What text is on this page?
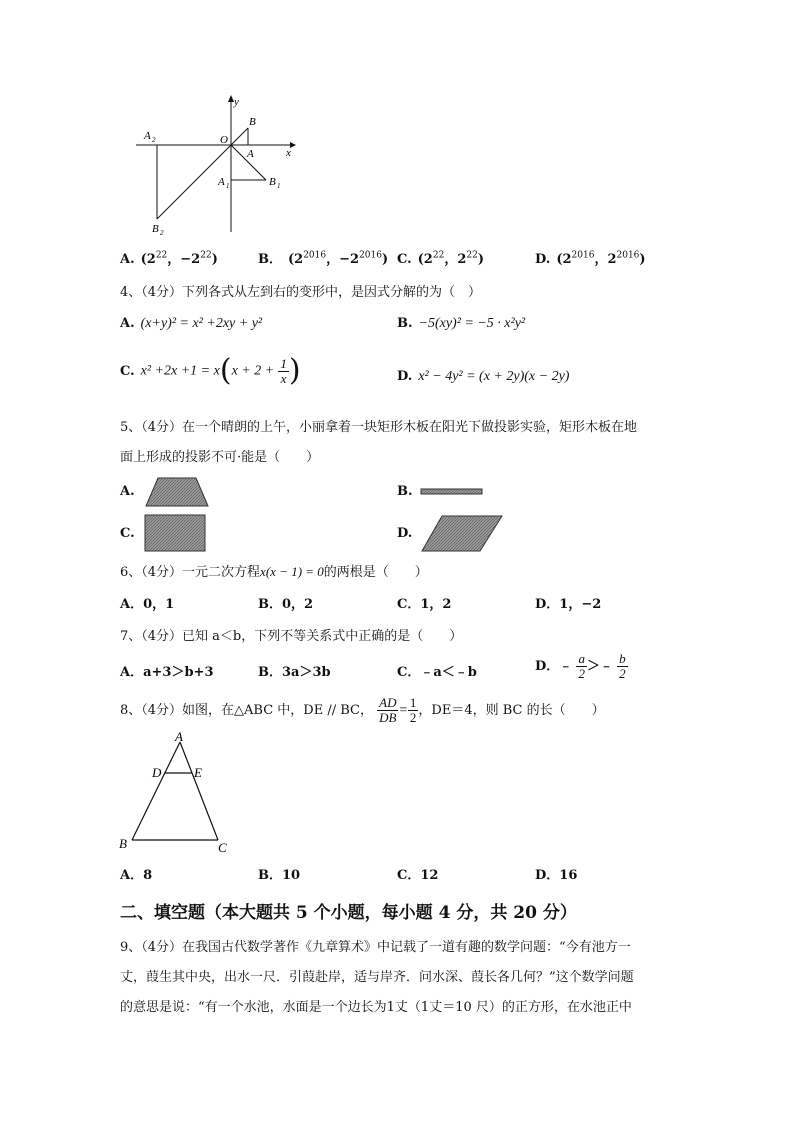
y
x
O
B
A
A 1	B 1
A 2
B 2
A. ($2^{22}$，$-2^{22}$)	B． ($2^{2016}$，$-2^{2016}$) C. ($2^{22}$，$2^{22}$)	D. ($2^{2016}$，$2^{2016}$)
4、（4分）下列各式从左到右的变形中，是因式分解的为（　）
A. (x+y)² = x² +2xy + y²	B. −5(xy)² = −5 · x²y²
C. $x^2 +2x +1 = x(x + 2 + \frac{1}{x}$ )	D. x² − 4y² = (x + 2y)(x − 2y)
5、（4分）在一个晴朗的上午，小丽拿着一块矩形木板在阳光下做投影实验，矩形木板在地
面上形成的投影不可·能是（　　）
A.	B.
C.	D.
6、（4分）一元二次方程x(x − 1) = 0的两根是（　　）
A．0，1	B．0，2	C．1，2	D．1，−2
7、（4分）已知 a＜b，下列不等关系式中正确的是（　　）
A．a+3＞b+3	B．3a＞3b	C．﹣a＜﹣b	D．﹣ $\frac{a}{2}$ ＞﹣ $\frac{b}{2}$
8、（4分）如图，在△ABC 中，DE // BC， $\frac{AD}{DB} = \frac{1}{2}$ ，DE＝4，则 BC 的长（　　）
A
D	E
B	C
A．8	B．10	C．12	D．16
二、填空题（本大题共 5 个小题，每小题 4 分，共 20 分）
9、（4分）在我国古代数学著作《九章算术》中记载了一道有趣的数学问题：“今有池方一
丈，葭生其中央，出水一尺．引葭赴岸，适与岸齐．问水深、葭长各几何？”这个数学问题
的意思是说：“有一个水池，水面是一个边长为1丈（1丈＝10 尺）的正方形，在水池正中
